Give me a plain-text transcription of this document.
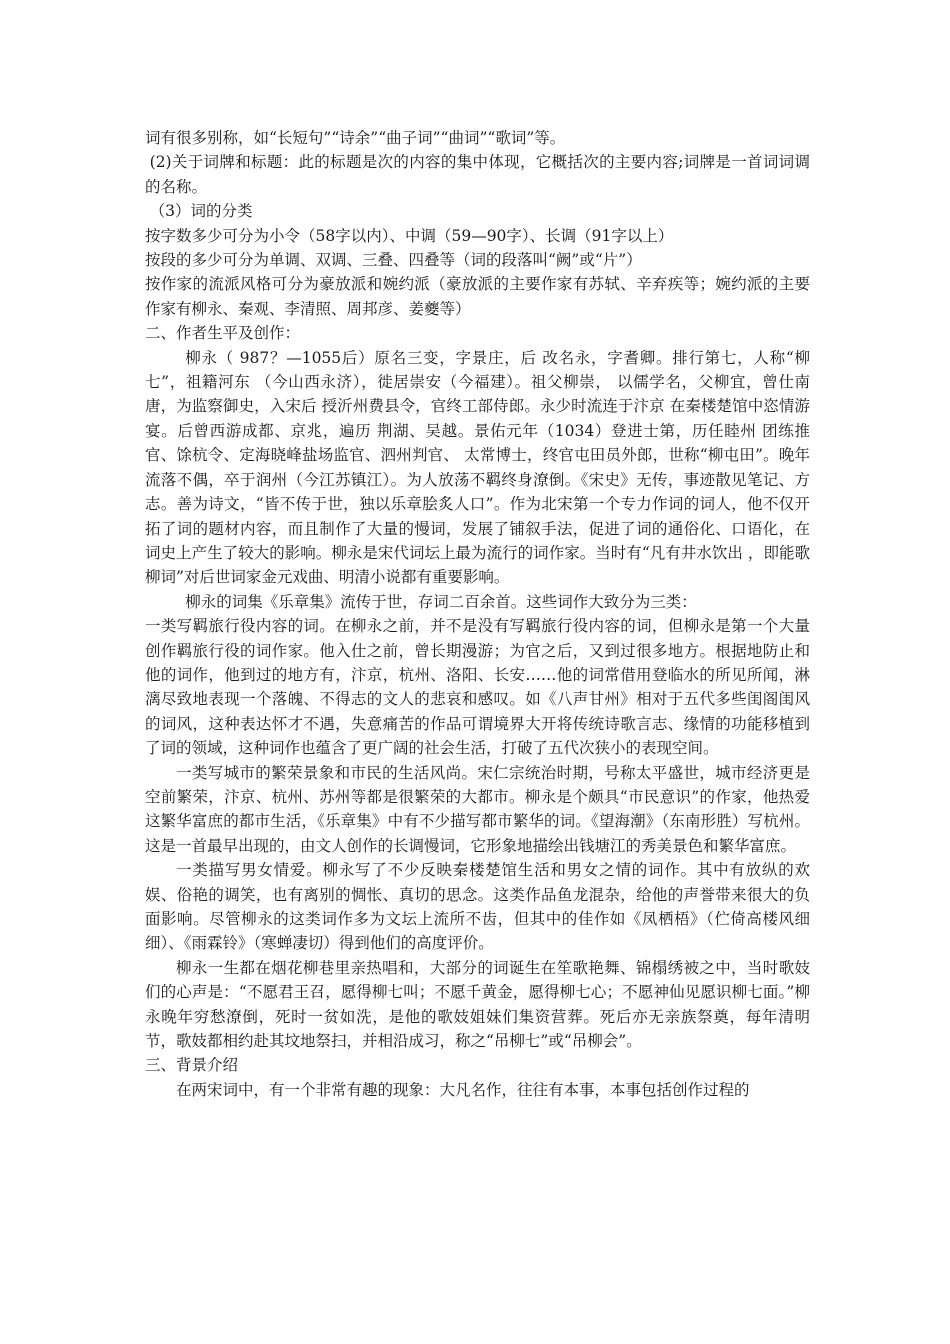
词有很多别称，如“长短句”“诗余”“曲子词”“曲词”“歌词”等。

(2)关于词牌和标题：此的标题是次的内容的集中体现，它概括次的主要内容;词牌是一首词词调的名称。

（3）词的分类

按字数多少可分为小令（58字以内）、中调（59—90字）、长调（91字以上）

按段的多少可分为单调、双调、三叠、四叠等（词的段落叫“阙”或“片”）

按作家的流派风格可分为豪放派和婉约派（豪放派的主要作家有苏轼、辛弃疾等；婉约派的主要作家有柳永、秦观、李清照、周邦彦、姜夔等）

二、作者生平及创作：

柳永（ 987？—1055后）原名三变，字景庄，后 改名永，字耆卿。排行第七，人称“柳七”，祖籍河东 （今山西永济），徙居崇安（今福建）。祖父柳崇， 以儒学名，父柳宜，曾仕南唐，为监察御史，入宋后 授沂州费县令，官终工部侍郎。永少时流连于汴京 在秦楼楚馆中恣情游宴。后曾西游成都、京兆，遍历 荆湖、吴越。景佑元年（1034）登进士第，历任睦州 团练推官、馀杭令、定海晓峰盐场监官、泗州判官、 太常博士，终官屯田员外郎，世称“柳屯田”。晚年 流落不偶，卒于润州（今江苏镇江）。为人放荡不羁终身潦倒。《宋史》无传，事迹散见笔记、方志。善为诗文，“皆不传于世，独以乐章脍炙人口”。作为北宋第一个专力作词的词人，他不仅开拓了词的题材内容，而且制作了大量的慢词，发展了铺叙手法，促进了词的通俗化、口语化，在词史上产生了较大的影响。柳永是宋代词坛上最为流行的词作家。当时有“凡有井水饮出 ，即能歌柳词”对后世词家金元戏曲、明清小说都有重要影响。

柳永的词集《乐章集》流传于世，存词二百余首。这些词作大致分为三类：

一类写羁旅行役内容的词。在柳永之前，并不是没有写羁旅行役内容的词，但柳永是第一个大量创作羁旅行役的词作家。他入仕之前，曾长期漫游；为官之后，又到过很多地方。根据地防止和他的词作，他到过的地方有，汴京，杭州、洛阳、长安……他的词常借用登临水的所见所闻，淋漓尽致地表现一个落魄、不得志的文人的悲哀和感叹。如《八声甘州》相对于五代多些闺阁闺风的词风，这种表达怀才不遇，失意痛苦的作品可谓境界大开将传统诗歌言志、缘情的功能移植到了词的领域，这种词作也蕴含了更广阔的社会生活，打破了五代次狭小的表现空间。

一类写城市的繁荣景象和市民的生活风尚。宋仁宗统治时期，号称太平盛世，城市经济更是空前繁荣，汴京、杭州、苏州等都是很繁荣的大都市。柳永是个颇具“市民意识”的作家，他热爱这繁华富庶的都市生活，《乐章集》中有不少描写都市繁华的词。《望海潮》（东南形胜）写杭州。这是一首最早出现的，由文人创作的长调慢词，它形象地描绘出钱塘江的秀美景色和繁华富庶。

一类描写男女情爱。柳永写了不少反映秦楼楚馆生活和男女之情的词作。其中有放纵的欢娱、俗艳的调笑，也有离别的惆怅、真切的思念。这类作品鱼龙混杂，给他的声誉带来很大的负面影响。尽管柳永的这类词作多为文坛上流所不齿，但其中的佳作如《凤栖梧》（伫倚高楼风细细）、《雨霖铃》（寒蝉凄切）得到他们的高度评价。

柳永一生都在烟花柳巷里亲热唱和，大部分的词诞生在笙歌艳舞、锦榻绣被之中，当时歌妓们的心声是：“不愿君王召，愿得柳七叫；不愿千黄金，愿得柳七心；不愿神仙见愿识柳七面。”柳永晚年穷愁潦倒，死时一贫如洗，是他的歌妓姐妹们集资营葬。死后亦无亲族祭奠，每年清明节，歌妓都相约赴其坟地祭扫，并相沿成习，称之“吊柳七”或“吊柳会”。

三、背景介绍

在两宋词中，有一个非常有趣的现象：大凡名作，往往有本事，本事包括创作过程的
